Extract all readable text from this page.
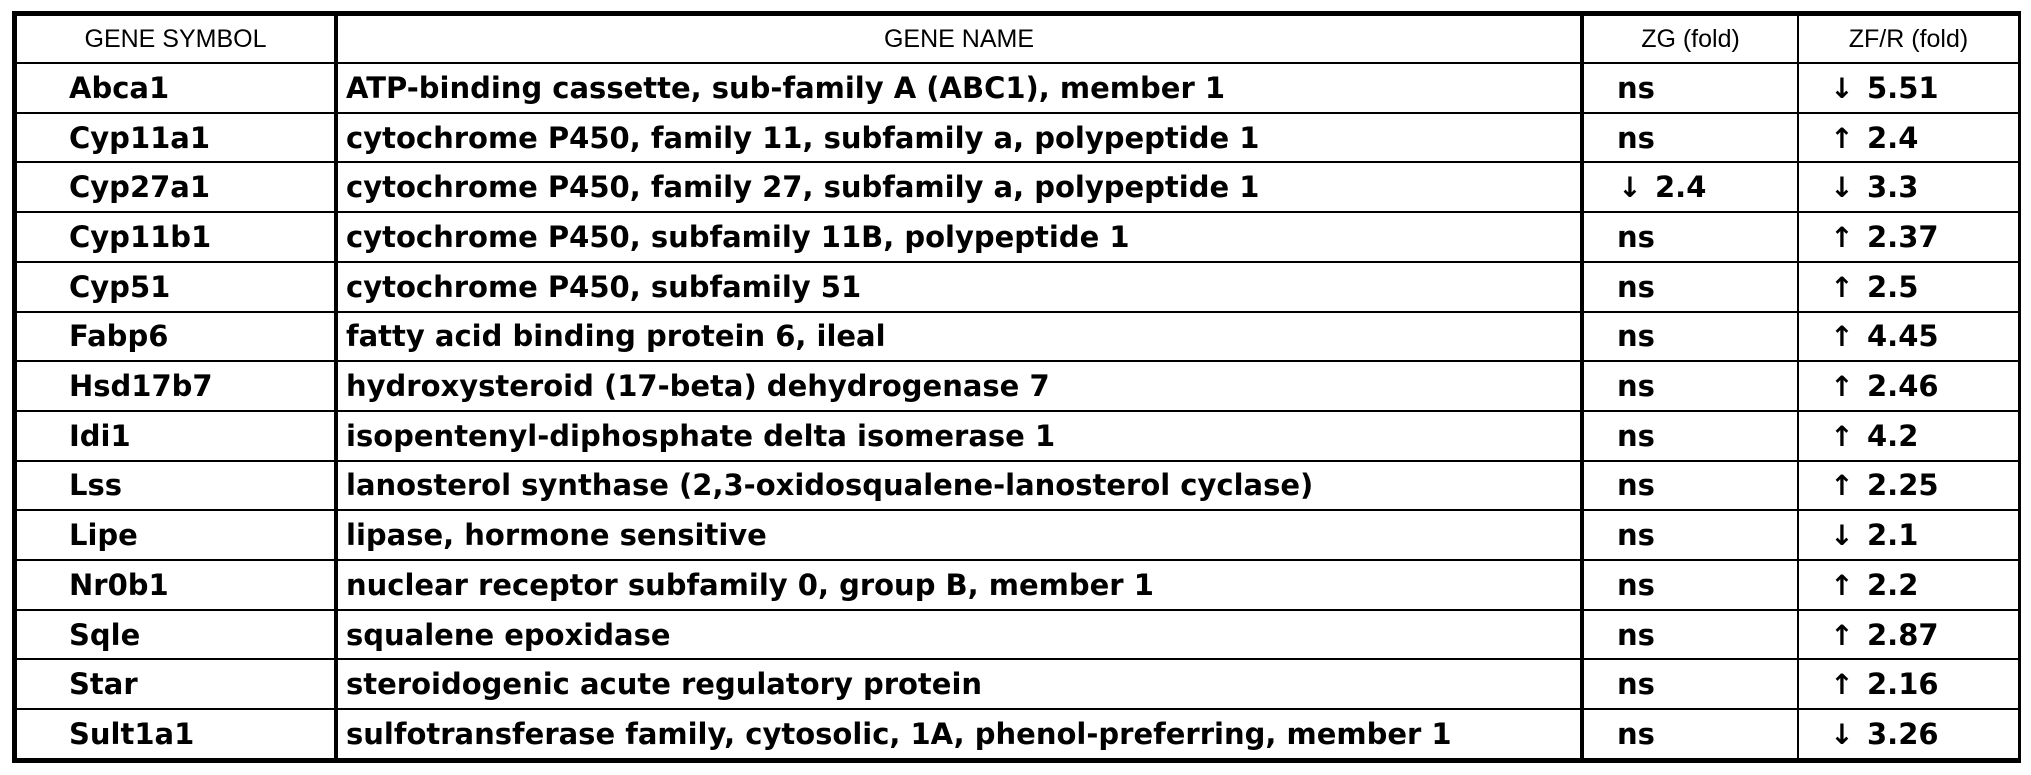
GENE SYMBOL	GENE NAME	ZG (fold)	ZF/R (fold)
Abca1	ATP-binding cassette, sub-family A (ABC1), member 1	ns	↓ 5.51
Cyp11a1	cytochrome P450, family 11, subfamily a, polypeptide 1	ns	↑ 2.4
Cyp27a1	cytochrome P450, family 27, subfamily a, polypeptide 1	↓ 2.4	↓ 3.3
Cyp11b1	cytochrome P450, subfamily 11B, polypeptide 1	ns	↑ 2.37
Cyp51	cytochrome P450, subfamily 51	ns	↑ 2.5
Fabp6	fatty acid binding protein 6, ileal	ns	↑ 4.45
Hsd17b7	hydroxysteroid (17-beta) dehydrogenase 7	ns	↑ 2.46
Idi1	isopentenyl-diphosphate delta isomerase 1	ns	↑ 4.2
Lss	lanosterol synthase (2,3-oxidosqualene-lanosterol cyclase)	ns	↑ 2.25
Lipe	lipase, hormone sensitive	ns	↓ 2.1
Nr0b1	nuclear receptor subfamily 0, group B, member 1	ns	↑ 2.2
Sqle	squalene epoxidase	ns	↑ 2.87
Star	steroidogenic acute regulatory protein	ns	↑ 2.16
Sult1a1	sulfotransferase family, cytosolic, 1A, phenol-preferring, member 1	ns	↓ 3.26
